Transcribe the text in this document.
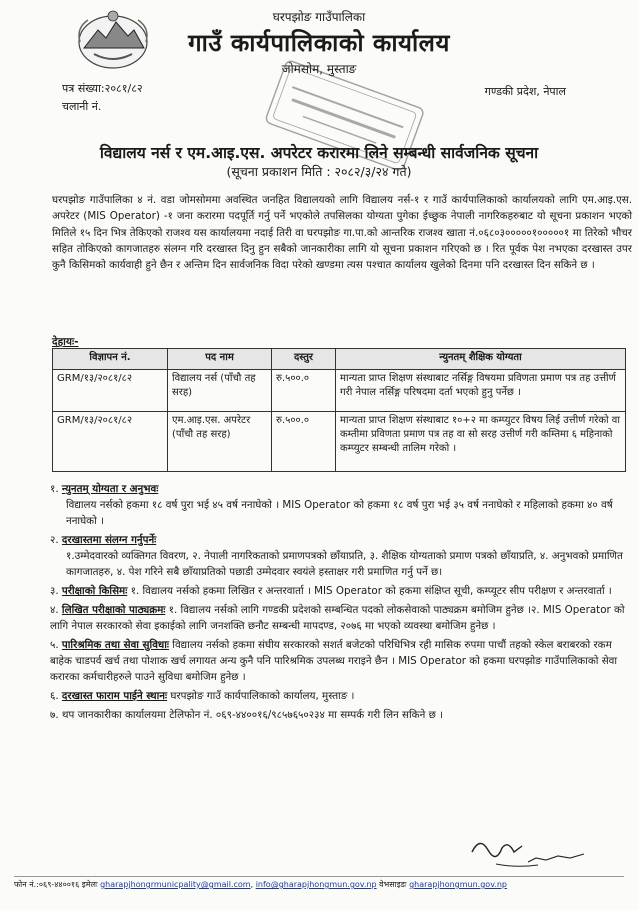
घरपझोङ गाउँपालिका
गाउँ कार्यपालिकाको कार्यालय
जोमसोम, मुस्ताङ
पत्र संख्या:२०८१/८२
चलानी नं.
गण्डकी प्रदेश, नेपाल
विद्यालय नर्स र एम.आइ.एस. अपरेटर करारमा लिने सम्बन्धी सार्वजनिक सूचना
(सूचना प्रकाशन मिति : २०८२/३/२४ गते)
घरपझोङ गाउँपालिका ४ नं. वडा जोमसोममा अवस्थित जनहित विद्यालयको लागि विद्यालय नर्स-१ र गाउँ कार्यपालिकाको कार्यालयको लागि एम.आइ.एस. अपरेटर (MIS Operator) -१ जना करारमा पदपूर्ति गर्नु पर्ने भएकोले तपसिलका योग्यता पुगेका ईच्छुक नेपाली नागरिकहरुबाट यो सूचना प्रकाशन भएको मितिले १५ दिन भित्र तेकिएको राजश्व यस कार्यालयमा नदाई तिरी वा घरपझोङ गा.पा.को आन्तरिक राजश्व खाता नं.०६८०३०००००१०००००१ मा तिरेको भौचर सहित तोकिएको कागजातहरु संलग्न गरि दरखास्त दिनु हुन सबैको जानकारीका लागि यो सूचना प्रकाशन गरिएको छ । रित पूर्वक पेश नभएका दरखास्त उपर कुनै किसिमको कार्यवाही हुने छैन र अन्तिम दिन सार्वजनिक विदा परेको खण्डमा त्यस पश्चात कार्यालय खुलेको दिनमा पनि दरखास्त दिन सकिने छ ।
देहायः-
विज्ञापन नं.	पद नाम	दस्तुर	न्युनतम् शैक्षिक योग्यता
GRM/१३/२०८१/८२	विद्यालय नर्स (पाँचौ तह सरह)	रु.५००.०	मान्यता प्राप्त शिक्षण संस्थाबाट नर्सिङ्ग विषयमा प्रविणता प्रमाण पत्र तह उत्तीर्ण गरी नेपाल नर्सिङ्ग परिषदमा दर्ता भएको हुनु पर्नेछ ।
GRM/१३/२०८१/८२	एम.आइ.एस. अपरेटर (पाँचौ तह सरह)	रु.५००.०	मान्यता प्राप्त शिक्षण संस्थाबाट १०+२ मा कम्प्युटर विषय लिई उत्तीर्ण गरेको वा कम्तीमा प्रविणता प्रमाण पत्र तह वा सो सरह उत्तीर्ण गरी कम्तिमा ६ महिनाको कम्प्युटर सम्बन्धी तालिम गरेको ।
१. न्युनतम् योग्यता र अनुभवः
विद्यालय नर्सको हकमा १८ वर्ष पुरा भई ४५ वर्ष ननाघेको । MIS Operator को हकमा १८ वर्ष पुरा भई ३५ वर्ष ननाघेको र महिलाको हकमा ४० वर्ष ननाघेको ।
२. दरखास्तमा संलग्न गर्नुपर्नेः
१.उम्मेदवारको व्यक्तिगत विवरण, २. नेपाली नागरिकताको प्रमाणपत्रको छाँयाप्रति, ३. शैक्षिक योग्यताको प्रमाण पत्रको छाँयाप्रति, ४. अनुभवको प्रमाणित कागजातहरु, ४. पेश गरिने सबै छाँयाप्रतिको पछाडी उम्मेदवार स्वयंले हस्ताक्षर गरी प्रमाणित गर्नु पर्ने छ।
३. परीक्षाको किसिमः १. विद्यालय नर्सको हकमा लिखित र अन्तरवार्ता । MIS Operator को हकमा संक्षिप्त सूची, कम्प्यूटर सीप परीक्षण र अन्तरवार्ता ।
४. लिखित परीक्षाको पाठ्यक्रमः १. विद्यालय नर्सको लागि गण्डकी प्रदेशको सम्बन्धित पदको लोकसेवाको पाठ्यक्रम बमोजिम हुनेछ ।२. MIS Operator को लागि नेपाल सरकारको सेवा इकाईको लागि जनशक्ति छनौट सम्बन्धी मापदण्ड, २०७६ मा भएको व्यवस्था बमोजिम हुनेछ ।
५. पारिश्रमिक तथा सेवा सुविधाः विद्यालय नर्सको हकमा संघीय सरकारको सशर्त बजेटको परिधिभित्र रही मासिक रुपमा पाचौं तहको स्केल बराबरको रकम बाहेक चाडपर्व खर्च तथा पोशाक खर्च लगायत अन्य कुनै पनि पारिश्रमिक उपलब्ध गराइने छैन । MIS Operator को हकमा घरपझोङ गाउँपालिकाको सेवा करारका कर्मचारीहरुले पाउने सुविधा बमोजिम हुनेछ ।
६. दरखास्त फाराम पाईने स्थानः घरपझोङ गाउँ कार्यपालिकाको कार्यालय, मुस्ताङ ।
७. थप जानकारीका कार्यालयमा टेलिफोन नं. ०६९-४४००१६/९८५७६५०२३४ मा सम्पर्क गरी लिन सकिने छ ।
फोन नं.:०६९-४४००१६ इमेलः gharapjhongrmunicpality@gmail.com, info@gharapjhongmun.gov.np वेभसाइडः gharapjhongmun.gov.np
